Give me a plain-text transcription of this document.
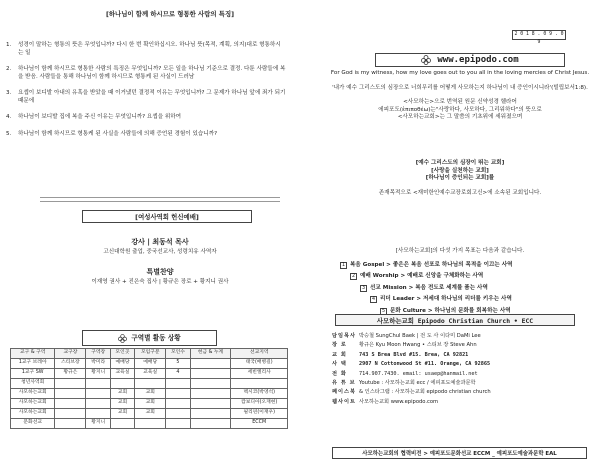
[하나님이 함께 하시므로 형통한 사람의 특징]
1.	성경이 말하는 형통의 뜻은 무엇입니까? 다시 한 번 확인하십시오. 하나님 뜻(목적, 계획, 의지)대로 형통하시는 일
2.	하나님이 함께 하시므로 형통한 사람의 특징은 무엇입니까? 모든 일을 하나님 기준으로 결정. 다툰 사람들에 복을 받음. 사람들을 통해 하나님이 함께 하시므로 형통케 된 사실이 드러남
3.	요셉이 보디발 아내의 유혹을 받았을 때 이거냈던 결정적 이유는 무엇입니까? 그 문제가 하나님 앞에 죄가 되기 때문에
4.	하나님이 보디발 집에 복을 주신 이유는 무엇입니까? 요셉을 위하여
5.	하나님이 함께 하시므로 형통케 된 사실을 사람들에 의해 증언된 경험이 있습니까?
[여성사역회 헌신예배]
강사 | 최동석 목사

고신대학원 출업, 중국선교사, 성령치유 사역자

특별찬양

이재영 권사 + 진은숙 집사 | 황규은 장로 + 황지니 권사

구역별 활동 상황
교구 & 구역	교구장	구역장	모인곳	모임구분	모인수	헌금 & 누계	선교지역
1교구 브레아	스티브장	박미라	예배당	예배당	5		태국(배병길)
1교구 SW	황규은	황지니	교육실	교육실	4		세빈엘리사
청년사역회							
사모하는교회			교회	교회			멕시코(박영석)
사모하는교회			교회	교회			캄보디아(오재현)
사모하는교회			교회	교회			필리핀(이재우)
문화선교		황지니					ECCM
2 0 1 8 . 0 9 . 0 9
www.epipodo.com

For God is my witness, how my love goes out to you all in the loving mercies of Christ Jesus.

'내가 예수 그리스도의 심장으로 너희무리를 어떻게 사모하는지 하나님이 내 증인이시니라'(빌립보서1:8).

<사모하는>으로 번역된 원문 신약성경 헬라어
에피포도(ἐπιποθέω)는"사랑하다, 사모하다, 그리워하다"의 뜻으로
<사모하는교회>는 그 말씀의 기초위에 세워졌으며

[예수 그리스도의 심장이 뛰는 교회]

[사랑을 실천하는 교회]

[하나님이 증인되는 교회]를

존재목적으로 <재미한인예수교장로회고신>에 소속된 교회입니다.

[사모하는교회]의 다섯 가지 목표는 다음과 같습니다.
1 복음 Gospel > 좋은은 복음 선포로 하나님의 목적을 이끄는 사역
2 예배 Worship > 예배로 신앙을 구체화하는 사역
3 선교 Mission > 복음 전도로 세계를 품는 사역
4 리더 Leader > 저세대 하나님의 리더를 키우는 사역
5 문화 Culture > 하나님의 문화를 회복하는 사역
사모하는교회 Epipodo Christian Church • ECC
담임목사 박승철 SungChul Baek | 전 도 사 이다미 DaMi Lee
장 로	황규은 Kyu Moon Hwang • 스티브 장 Steve Ahn
교 회	743 S Brea Blvd #15. Brea, CA 92821
사 택	2907 N Cottonwood St #11. Orange, CA 92865
전 화	714.907.7430. email: usaep@hanmail.net
유 튜 브 Youtube : 사모하는교회 ecc / 에피포도예술과문학
페이스북 & 인스타그램 : 사모하는교회 epipodo christian church
웹사이트 사모하는교회 www.epipodo.com
사모하는교회의 협력비전 > 예피포도문화선교 ECCM _ 예피포도예술과문학 EAL
